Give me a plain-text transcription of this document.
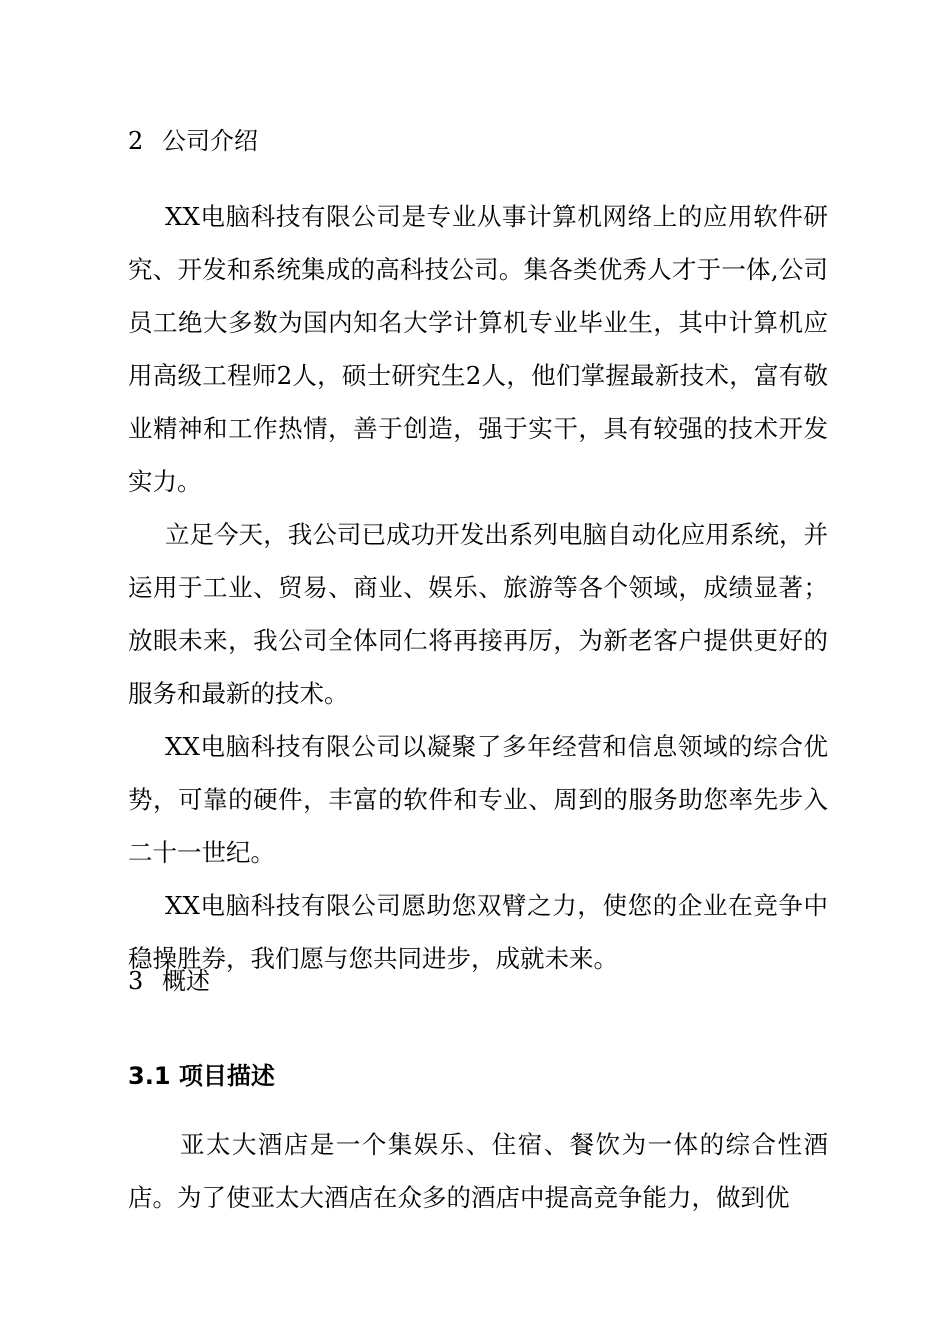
2 公司介绍

XX电脑科技有限公司是专业从事计算机网络上的应用软件研究、开发和系统集成的高科技公司。集各类优秀人才于一体,公司员工绝大多数为国内知名大学计算机专业毕业生，其中计算机应用高级工程师2人，硕士研究生2人，他们掌握最新技术，富有敬业精神和工作热情，善于创造，强于实干，具有较强的技术开发实力。

立足今天，我公司已成功开发出系列电脑自动化应用系统，并运用于工业、贸易、商业、娱乐、旅游等各个领域，成绩显著；放眼未来，我公司全体同仁将再接再厉，为新老客户提供更好的服务和最新的技术。

XX电脑科技有限公司以凝聚了多年经营和信息领域的综合优势，可靠的硬件，丰富的软件和专业、周到的服务助您率先步入二十一世纪。

XX电脑科技有限公司愿助您双臂之力，使您的企业在竞争中稳操胜券，我们愿与您共同进步，成就未来。

3 概述
3.1 项目描述

亚太大酒店是一个集娱乐、住宿、餐饮为一体的综合性酒店。为了使亚太大酒店在众多的酒店中提高竞争能力，做到优
